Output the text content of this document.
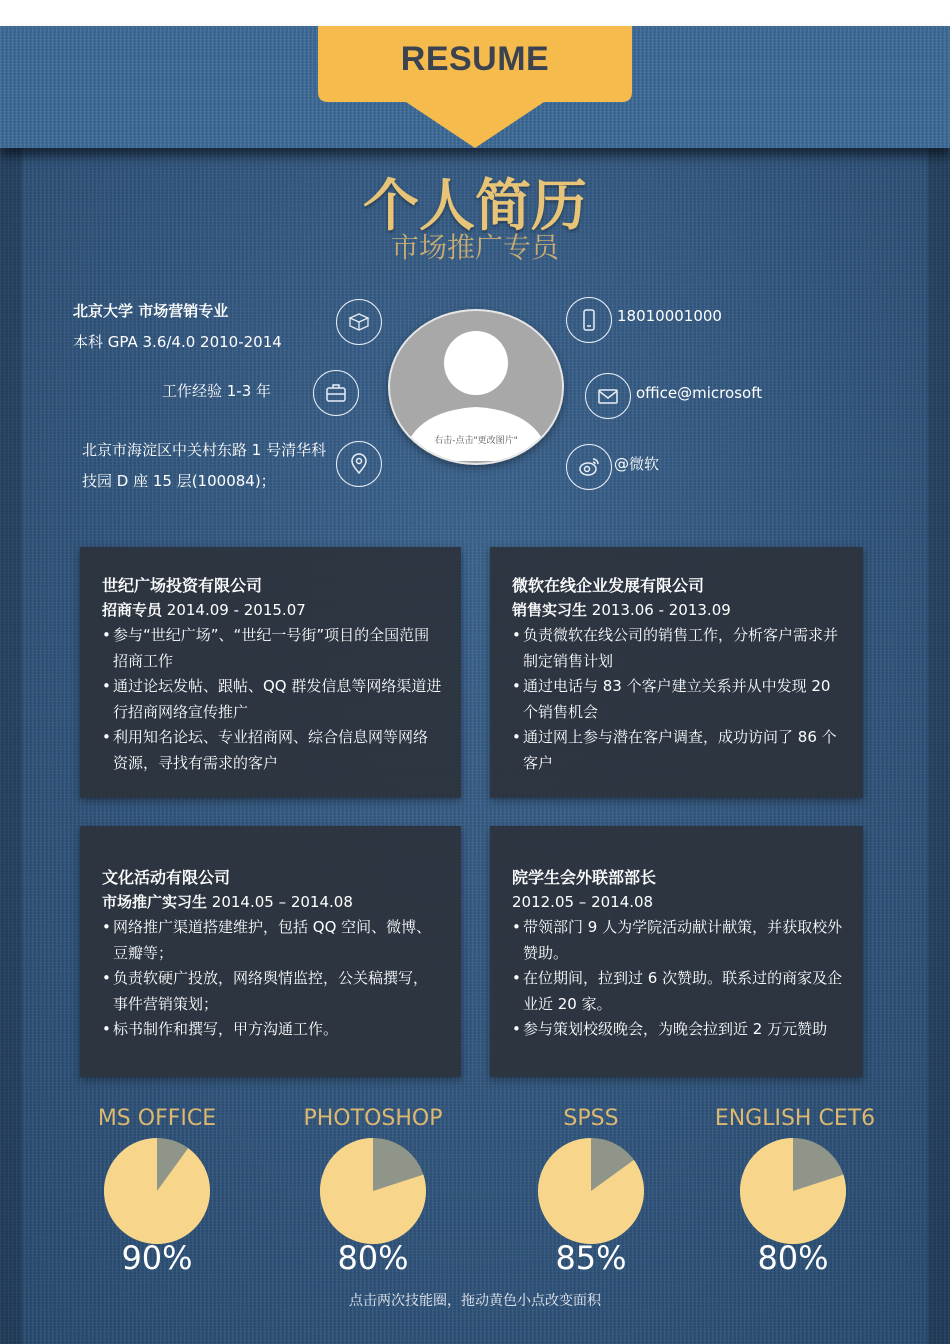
RESUME
个人简历
市场推广专员
北京大学 市场营销专业
本科 GPA 3.6/4.0 2010-2014
工作经验 1-3 年
北京市海淀区中关村东路 1 号清华科
技园 D 座 15 层(100084)；
右击-点击"更改图片"
18010001000
office@microsoft
@微软
世纪广场投资有限公司
招商专员 2014.09 - 2015.07
• 参与“世纪广场”、“世纪一号街”项目的全国范围招商工作
• 通过论坛发帖、跟帖、QQ 群发信息等网络渠道进行招商网络宣传推广
• 利用知名论坛、专业招商网、综合信息网等网络资源，寻找有需求的客户
微软在线企业发展有限公司
销售实习生 2013.06 - 2013.09
• 负责微软在线公司的销售工作，分析客户需求并制定销售计划
• 通过电话与 83 个客户建立关系并从中发现 20 个销售机会
• 通过网上参与潜在客户调查，成功访问了 86 个客户
文化活动有限公司
市场推广实习生 2014.05 – 2014.08
• 网络推广渠道搭建维护，包括 QQ 空间、微博、豆瓣等；
• 负责软硬广投放，网络舆情监控，公关稿撰写，事件营销策划；
• 标书制作和撰写，甲方沟通工作。
院学生会外联部部长
2012.05 – 2014.08
• 带领部门 9 人为学院活动献计献策，并获取校外赞助。
• 在位期间，拉到过 6 次赞助。联系过的商家及企业近 20 家。
• 参与策划校级晚会，为晚会拉到近 2 万元赞助
MS OFFICE	PHOTOSHOP	SPSS	ENGLISH CET6
90%	80%	85%	80%
点击两次技能圈，拖动黄色小点改变面积
